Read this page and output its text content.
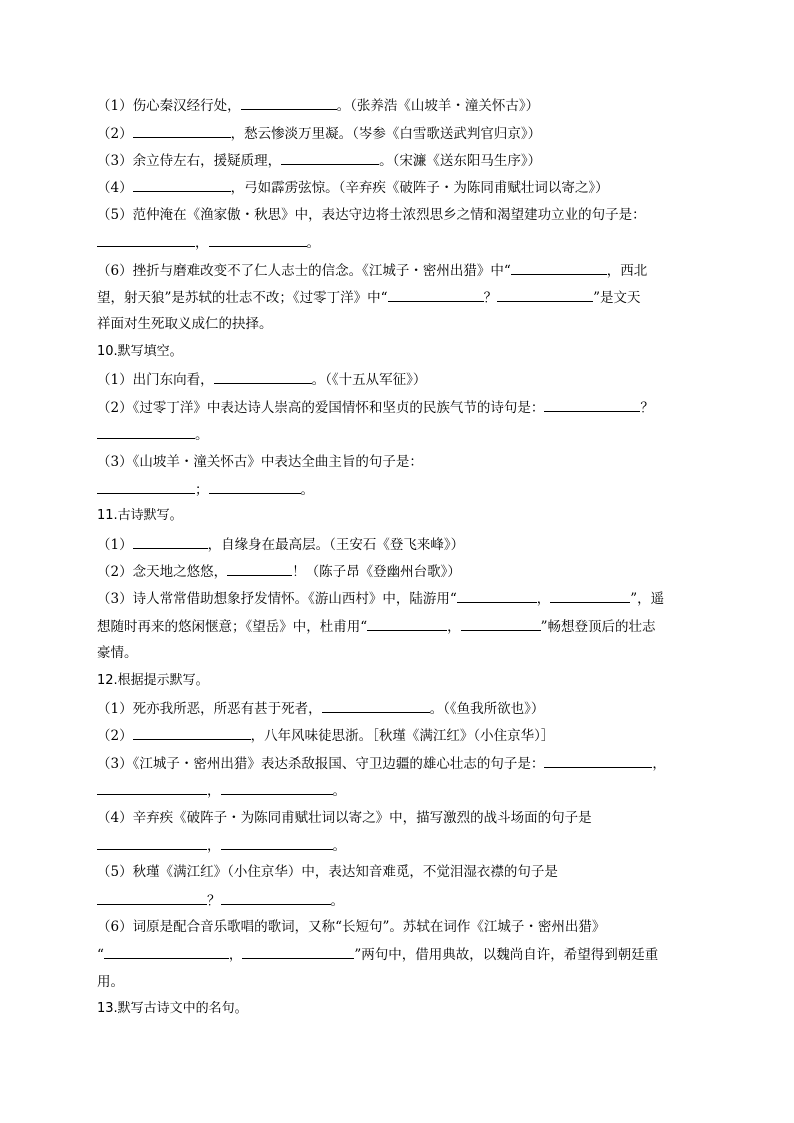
（1）伤心秦汉经行处，	。（张养浩《山坡羊・潼关怀古》）
（2）	，愁云惨淡万里凝。（岑参《白雪歌送武判官归京》）
（3）余立侍左右，援疑质理，	。（宋濂《送东阳马生序》）
（4）	，弓如霹雳弦惊。（辛弃疾《破阵子・为陈同甫赋壮词以寄之》）
（5）范仲淹在《渔家傲・秋思》中，表达守边将士浓烈思乡之情和渴望建功立业的句子是：
，	。
（6）挫折与磨难改变不了仁人志士的信念。《江城子・密州出猎》中“	，西北
望，射天狼”是苏轼的壮志不改；《过零丁洋》中“	？	”是文天
祥面对生死取义成仁的抉择。
10.默写填空。
（1）出门东向看，	。（《十五从军征》）
（2）《过零丁洋》中表达诗人崇高的爱国情怀和坚贞的民族气节的诗句是：	？
。
（3）《山坡羊・潼关怀古》中表达全曲主旨的句子是：
；	。
11.古诗默写。
（1）	，自缘身在最高层。（王安石《登飞来峰》）
（2）念天地之悠悠，	！（陈子昂《登幽州台歌》）
（3）诗人常常借助想象抒发情怀。《游山西村》中，陆游用“	，	”，遥
想随时再来的悠闲惬意；《望岳》中，杜甫用“	，	”畅想登顶后的壮志
豪情。
12.根据提示默写。
（1）死亦我所恶，所恶有甚于死者，	。（《鱼我所欲也》）
（2）	，八年风味徒思浙。［秋瑾《满江红》（小住京华）］
（3）《江城子・密州出猎》表达杀敌报国、守卫边疆的雄心壮志的句子是：	，
，	。
（4）辛弃疾《破阵子・为陈同甫赋壮词以寄之》中，描写激烈的战斗场面的句子是
，	。
（5）秋瑾《满江红》（小住京华）中，表达知音难觅，不觉泪湿衣襟的句子是
？	。
（6）词原是配合音乐歌唱的歌词，又称“长短句”。苏轼在词作《江城子・密州出猎》
“	，	”两句中，借用典故，以魏尚自许，希望得到朝廷重
用。
13.默写古诗文中的名句。
